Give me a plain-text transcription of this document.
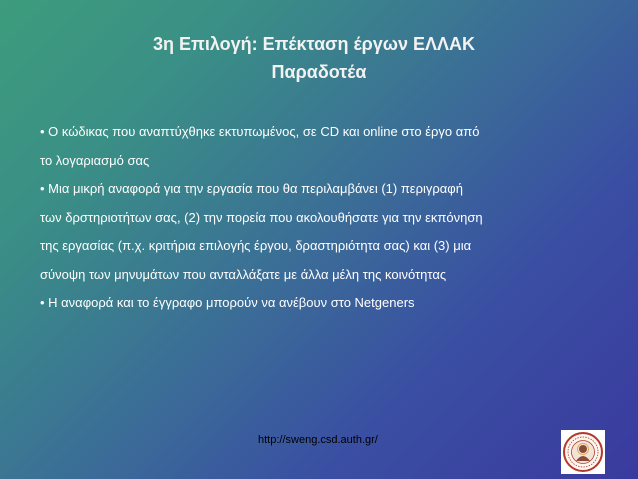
3η Επιλογή: Επέκταση έργων ΕΛΛΑΚ
Παραδοτέα
• Ο κώδικας που αναπτύχθηκε εκτυπωμένος, σε CD και online στο έργο από
το λογαριασμό σας
• Μια μικρή αναφορά για την εργασία που θα περιλαμβάνει (1) περιγραφή
των δρστηριοτήτων σας, (2) την πορεία που ακολουθήσατε για την εκπόνηση
της εργασίας (π.χ. κριτήρια επιλογής έργου, δραστηριότητα σας) και (3) μια
σύνοψη των μηνυμάτων που ανταλλάξατε με άλλα μέλη της κοινότητας
• Η αναφορά και το έγγραφο μπορούν να ανέβουν στο Netgeners
http://sweng.csd.auth.gr/
